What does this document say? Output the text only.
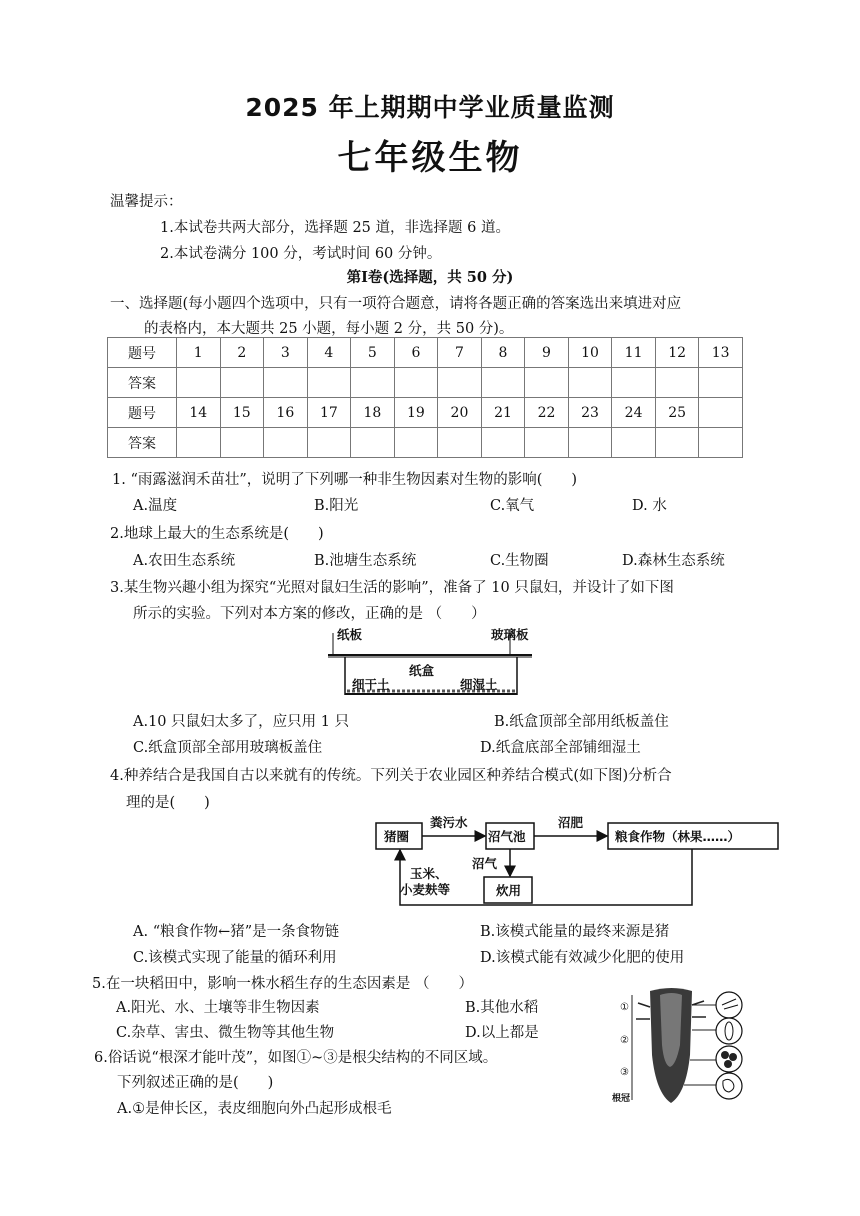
2025 年上期期中学业质量监测
七年级生物
温馨提示：
1.本试卷共两大部分，选择题 25 道，非选择题 6 道。
2.本试卷满分 100 分，考试时间 60 分钟。
第Ⅰ卷(选择题，共 50 分)
一、选择题(每小题四个选项中，只有一项符合题意，请将各题正确的答案选出来填进对应
的表格内，本大题共 25 小题，每小题 2 分，共 50 分)。
题号	1	2	3	4	5	6	7	8	9	10	11	12	13
答案													
题号	14	15	16	17	18	19	20	21	22	23	24	25	
答案													
1. “雨露滋润禾苗壮”，说明了下列哪一种非生物因素对生物的影响(　　)
A.温度	B.阳光	C.氧气	D. 水
2.地球上最大的生态系统是(　　)
A.农田生态系统	B.池塘生态系统	C.生物圈	D.森林生态系统
3.某生物兴趣小组为探究“光照对鼠妇生活的影响”，准备了 10 只鼠妇，并设计了如下图
所示的实验。下列对本方案的修改，正确的是 （　　）
纸板	玻璃板
纸盒
细干土	细湿土
A.10 只鼠妇太多了，应只用 1 只	B.纸盒顶部全部用纸板盖住
C.纸盒顶部全部用玻璃板盖住	D.纸盒底部全部铺细湿土
4.种养结合是我国自古以来就有的传统。下列关于农业园区种养结合模式(如下图)分析合
理的是(　　)
猪圈
粪污水
沼气池
沼肥
粮食作物（林果……）
沼气
炊用
玉米、
小麦麸等
A. “粮食作物←猪”是一条食物链	B.该模式能量的最终来源是猪
C.该模式实现了能量的循环利用	D.该模式能有效减少化肥的使用
5.在一块稻田中，影响一株水稻生存的生态因素是 （　　）
A.阳光、水、土壤等非生物因素	B.其他水稻
C.杂草、害虫、微生物等其他生物	D.以上都是
6.俗话说“根深才能叶茂”，如图①~③是根尖结构的不同区域。
下列叙述正确的是(　　)
A.①是伸长区，表皮细胞向外凸起形成根毛
①
②
③
根冠
